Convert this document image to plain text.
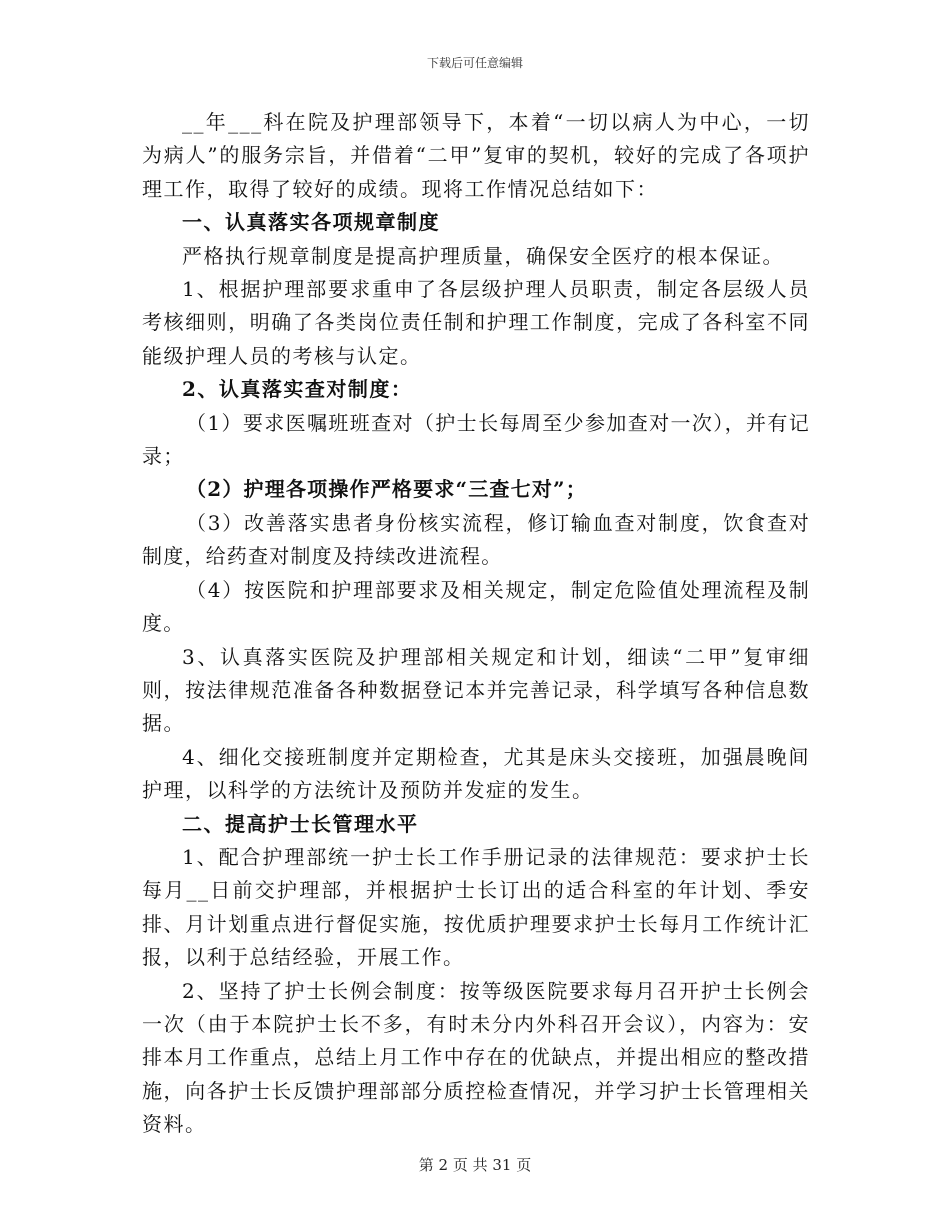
下载后可任意编辑

__年___科在院及护理部领导下，本着“一切以病人为中心，一切为病人”的服务宗旨，并借着“二甲”复审的契机，较好的完成了各项护理工作，取得了较好的成绩。现将工作情况总结如下：

一、认真落实各项规章制度

严格执行规章制度是提高护理质量，确保安全医疗的根本保证。

1、根据护理部要求重申了各层级护理人员职责，制定各层级人员考核细则，明确了各类岗位责任制和护理工作制度，完成了各科室不同能级护理人员的考核与认定。

2、认真落实查对制度：

（1）要求医嘱班班查对（护士长每周至少参加查对一次），并有记录；

（2）护理各项操作严格要求“三查七对”；

（3）改善落实患者身份核实流程，修订输血查对制度，饮食查对制度，给药查对制度及持续改进流程。

（4）按医院和护理部要求及相关规定，制定危险值处理流程及制度。

3、认真落实医院及护理部相关规定和计划，细读“二甲”复审细则，按法律规范准备各种数据登记本并完善记录，科学填写各种信息数据。

4、细化交接班制度并定期检查，尤其是床头交接班，加强晨晚间护理，以科学的方法统计及预防并发症的发生。

二、提高护士长管理水平

1、配合护理部统一护士长工作手册记录的法律规范：要求护士长每月__日前交护理部，并根据护士长订出的适合科室的年计划、季安排、月计划重点进行督促实施，按优质护理要求护士长每月工作统计汇报，以利于总结经验，开展工作。

2、坚持了护士长例会制度：按等级医院要求每月召开护士长例会一次（由于本院护士长不多，有时未分内外科召开会议），内容为：安排本月工作重点，总结上月工作中存在的优缺点，并提出相应的整改措施，向各护士长反馈护理部部分质控检查情况，并学习护士长管理相关资料。

第 2 页 共 31 页
